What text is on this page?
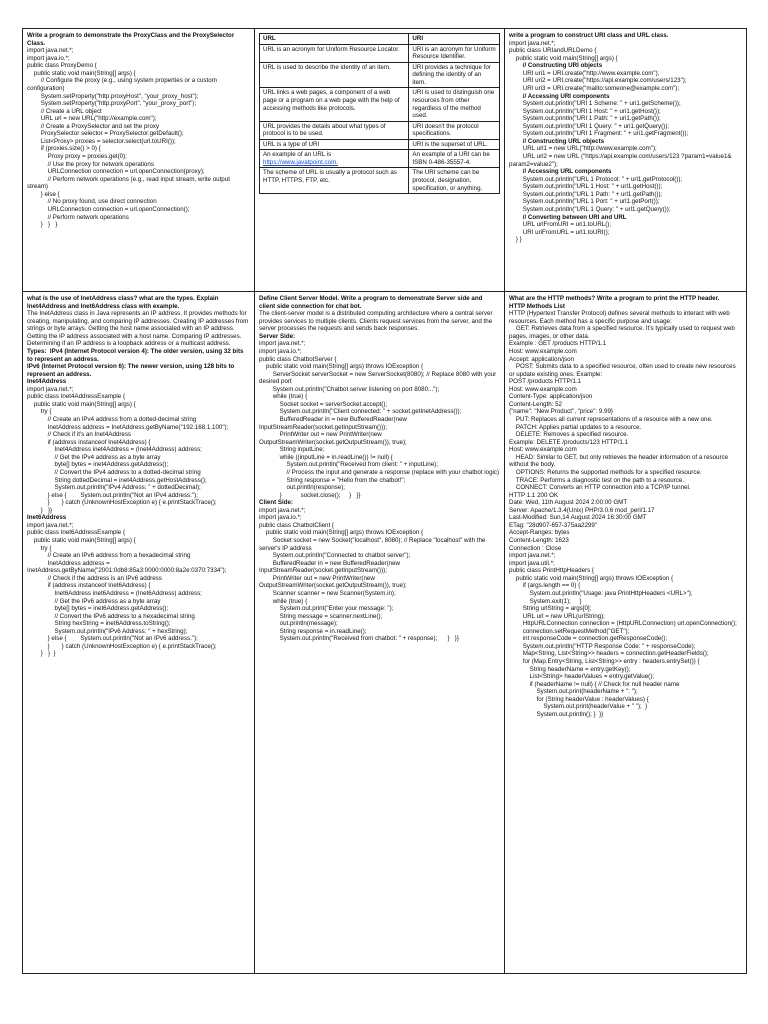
Write a program to demonstrate the ProxyClass and the ProxySelector Class.
import java.net.*;
import java.io.*;
public class ProxyDemo {
public static void main(String[] args) {
// Configure the proxy (e.g., using system properties or a custom configuration)
System.setProperty("http.proxyHost", "your_proxy_host");
System.setProperty("http.proxyPort", "your_proxy_port");
// Create a URL object
URL url = new URL("http://example.com");
// Create a ProxySelector and set the proxy
ProxySelector selector = ProxySelector.getDefault();
List<Proxy> proxies = selector.select(url.toURI());
if (proxies.size() > 0) {
Proxy proxy = proxies.get(0);
// Use the proxy for network operations
URLConnection connection = url.openConnection(proxy);
// Perform network operations (e.g., read input stream, write output stream)
} else {
// No proxy found, use direct connection
URLConnection connection = url.openConnection();
// Perform network operations
}   }   }
URL	URI
URL is an acronym for Uniform Resource Locator.	URI is an acronym for Uniform Resource Identifier.
URL is used to describe the identity of an item.	URI provides a technique for defining the identity of an item.
URL links a web pages, a component of a web page or a program on a web page with the help of accessing methods like protocols.	URI is used to distinguish one resources from other regardless of the method used.
URL provides the details about what types of protocol is to be used.	URI doesn't the protocol specifications.
URL is a type of URI	URI is the superset of URL.
An example of an URL is https://www.javatpoint.com.	An example of a URI can be ISBN 0-486-35557-4.
The scheme of URL is usually a protocol such as HTTP, HTTPS, FTP, etc.	The URI scheme can be protocol, designation, specification, or anything.
write a program to construct URI class and URL class.
import java.net.*;
public class URIandURLDemo {
public static void main(String[] args) {
// Constructing URI objects
URI uri1 = URI.create("http://www.example.com");
URI uri2 = URI.create("https://api.example.com/users/123");
URI uri3 = URI.create("mailto:someone@example.com");
// Accessing URI components
System.out.println("URI 1 Scheme: " + uri1.getScheme());
System.out.println("URI 1 Host: " + uri1.getHost());
System.out.println("URI 1 Path: " + uri1.getPath());
System.out.println("URI 1 Query: " + uri1.getQuery());
System.out.println("URI 1 Fragment: " + uri1.getFragment());
// Constructing URL objects
URL url1 = new URL("http://www.example.com");
URL url2 = new URL ("https://api.example.com/users/123 ?param1=value1& param2=value2");
// Accessing URL components
System.out.println("URL 1 Protocol: " + url1.getProtocol());
System.out.println("URL 1 Host: " + url1.getHost());
System.out.println("URL 1 Path: " + url1.getPath());
System.out.println("URL 1 Port: " + url1.getPort());
System.out.println("URL 1 Query: " + url1.getQuery());
// Converting between URI and URL
URL urlFromURI = uri1.toURL();
URI uriFromURL = url1.toURI();
} }
what is the use of InetAddress class? what are the types. Explain Inet4Address and Inet6Address class with example.
The InetAddress class in Java represents an IP address. It provides methods for creating, manipulating, and comparing IP addresses. Creating IP addresses from strings or byte arrays. Getting the host name associated with an IP address. Getting the IP address associated with a host name. Comparing IP addresses. Determining if an IP address is a loopback address or a multicast address.
Types:  IPv4 (Internet Protocol version 4): The older version, using 32 bits to represent an address.
IPv6 (Internet Protocol version 6): The newer version, using 128 bits to represent an address.
Inet4Address
import java.net.*;
public class Inet4AddressExample {
public static void main(String[] args) {
try {
// Create an IPv4 address from a dotted-decimal string
InetAddress address = InetAddress.getByName("192.168.1.100");
// Check if it's an Inet4Address
if (address instanceof Inet4Address) {
Inet4Address inet4Address = (Inet4Address) address;
// Get the IPv4 address as a byte array
byte[] bytes = inet4Address.getAddress();
// Convert the IPv4 address to a dotted-decimal string
String dottedDecimal = inet4Address.getHostAddress();
System.out.println("IPv4 Address: " + dottedDecimal);
} else {        System.out.println("Not an IPv4 address.");
}       } catch (UnknownHostException e) { e.printStackTrace();
}   }}
Inet6Address
import java.net.*;
public class Inet6AddressExample {
public static void main(String[] args) {
try {
// Create an IPv6 address from a hexadecimal string
InetAddress address = InetAddress.getByName("2001:0db8:85a3:0000:0000:8a2e:0370:7334");
// Check if the address is an IPv6 address
if (address instanceof Inet6Address) {
Inet6Address inet6Address = (Inet6Address) address;
// Get the IPv6 address as a byte array
byte[] bytes = inet6Address.getAddress();
// Convert the IPv6 address to a hexadecimal string
String hexString = inet6Address.toString();
System.out.println("IPv6 Address: " + hexString);
} else {        System.out.println("Not an IPv6 address.");
}       } catch (UnknownHostException e) { e.printStackTrace();
}   }  }
Define Client Server Model. Write a program to demonstrate Server side and client side connection for chat bot.
The client-server model is a distributed computing architecture where a central server provides services to multiple clients. Clients request services from the server, and the server processes the requests and sends back responses.
Server Side:
import java.net.*;
import java.io.*;
public class ChatbotServer {
public static void main(String[] args) throws IOException {
ServerSocket serverSocket = new ServerSocket(8080); // Replace 8080 with your desired port
System.out.println("Chatbot server listening on port 8080...");
while (true) {
Socket socket = serverSocket.accept();
System.out.println("Client connected: " + socket.getInetAddress());
BufferedReader in = new BufferedReader(new InputStreamReader(socket.getInputStream()));
PrintWriter out = new PrintWriter(new OutputStreamWriter(socket.getOutputStream()), true);
String inputLine;
while ((inputLine = in.readLine()) != null) {
System.out.println("Received from client: " + inputLine);
// Process the input and generate a response (replace with your chatbot logic)
String response = "Hello from the chatbot!";
out.println(response);
}           socket.close();     }   }}
Client Side:
import java.net.*;
import java.io.*;
public class ChatbotClient {
public static void main(String[] args) throws IOException {
Socket socket = new Socket("localhost", 8080); // Replace "localhost" with the server's IP address
System.out.println("Connected to chatbot server");
BufferedReader in = new BufferedReader(new InputStreamReader(socket.getInputStream()));
PrintWriter out = new PrintWriter(new OutputStreamWriter(socket.getOutputStream()), true);
Scanner scanner = new Scanner(System.in);
while (true) {
System.out.print("Enter your message: ");
String message = scanner.nextLine();
out.println(message);
String response = in.readLine();
System.out.println("Received from chatbot: " + response);      }   }}
What are the HTTP methods? Write a program to print the HTTP header.
HTTP Methods List
HTTP (Hypertext Transfer Protocol) defines several methods to interact with web resources. Each method has a specific purpose and usage:
GET: Retrieves data from a specified resource. It's typically used to request web pages, images, or other data.
Example : GET /products HTTP/1.1
Host: www.example.com
Accept: application/json
POST: Submits data to a specified resource, often used to create new resources or update existing ones. Example:
POST /products HTTP/1.1
Host: www.example.com
Content-Type: application/json
Content-Length: 52
{"name": "New Product", "price": 9.99}
PUT: Replaces all current representations of a resource with a new one.
PATCH: Applies partial updates to a resource.
DELETE: Removes a specified resource.
Example: DELETE /products/123 HTTP/1.1
Host: www.example.com
HEAD: Similar to GET, but only retrieves the header information of a resource without the body.
OPTIONS: Returns the supported methods for a specified resource.
TRACE: Performs a diagnostic test on the path to a resource.
CONNECT: Converts an HTTP connection into a TCP/IP tunnel.
HTTP 1.1 200 OK
Date: Wed, 11th August 2024 2:00:00 GMT
Server: Apache/1.3.4(Unix) PHP/3.0.6 mod_perl/1.17
Last-Modified: Sun,14 August 2024 16:30:00 GMT
ETag: "28d907-657-375aa2299"
Accept-Ranges: bytes
Content-Length: 1623
Connection : Close
import java.net.*;
import java.util.*;
public class PrintHttpHeaders {
public static void main(String[] args) throws IOException {
if (args.length == 0) {
System.out.println("Usage: java PrintHttpHeaders <URL>");
System.exit(1);     }
String urlString = args[0];
URL url = new URL(urlString);
HttpURLConnection connection = (HttpURLConnection) url.openConnection();
connection.setRequestMethod("GET");
int responseCode = connection.getResponseCode();
System.out.println("HTTP Response Code: " + responseCode);
Map<String, List<String>> headers = connection.getHeaderFields();
for (Map.Entry<String, List<String>> entry : headers.entrySet()) {
String headerName = entry.getKey();
List<String> headerValues = entry.getValue();
if (headerName != null) { // Check for null header name
System.out.print(headerName + ": ");
for (String headerValue : headerValues) {
System.out.print(headerValue + " ");  }
System.out.println(); }  }}
